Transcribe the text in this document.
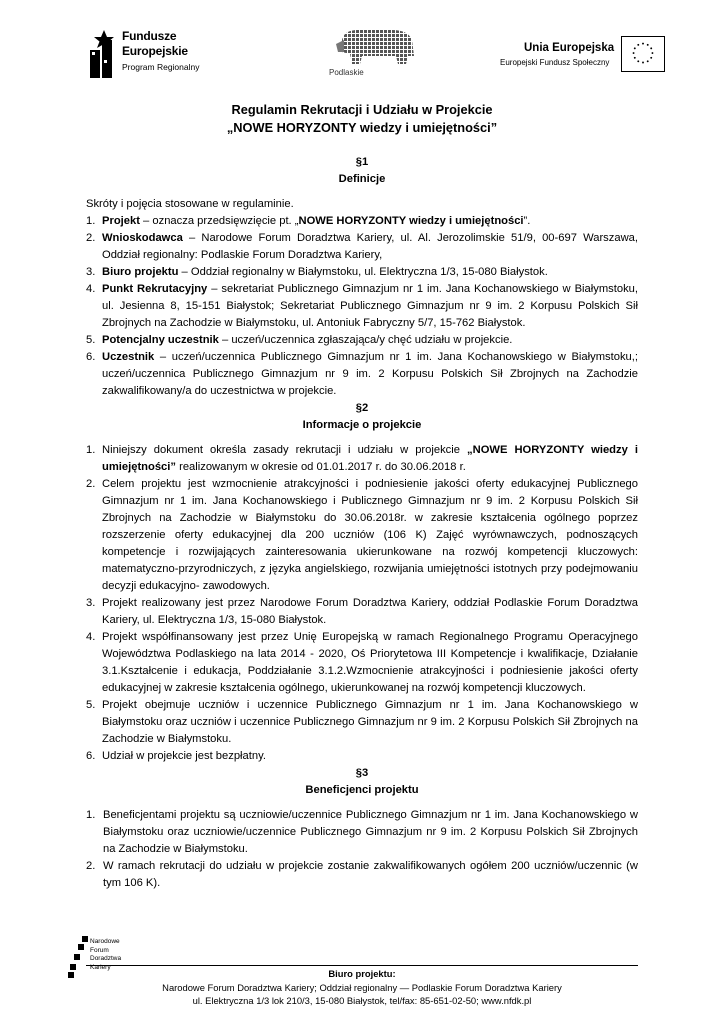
Fundusze
Europejskie
Program Regionalny
Podlaskie
Unia Europejska
Europejski Fundusz Społeczny

Regulamin Rekrutacji i Udziału w Projekcie

„NOWE HORYZONTY wiedzy i umiejętności”

§1

Definicje

Skróty i pojęcia stosowane w regulaminie.

1. Projekt – oznacza przedsięwzięcie pt. „NOWE HORYZONTY wiedzy i umiejętności”.
2. Wnioskodawca – Narodowe Forum Doradztwa Kariery, ul. Al. Jerozolimskie 51/9, 00-697 Warszawa, Oddział regionalny: Podlaskie Forum Doradztwa Kariery,
3. Biuro projektu – Oddział regionalny w Białymstoku, ul. Elektryczna 1/3, 15-080 Białystok.
4. Punkt Rekrutacyjny – sekretariat Publicznego Gimnazjum nr 1 im. Jana Kochanowskiego w Białymstoku, ul. Jesienna 8, 15-151 Białystok; Sekretariat Publicznego Gimnazjum nr 9 im. 2 Korpusu Polskich Sił Zbrojnych na Zachodzie w Białymstoku, ul. Antoniuk Fabryczny 5/7, 15-762 Białystok.
5. Potencjalny uczestnik – uczeń/uczennica zgłaszająca/y chęć udziału w projekcie.
6. Uczestnik – uczeń/uczennica Publicznego Gimnazjum nr 1 im. Jana Kochanowskiego w Białymstoku,; uczeń/uczennica Publicznego Gimnazjum nr 9 im. 2 Korpusu Polskich Sił Zbrojnych na Zachodzie zakwalifikowany/a do uczestnictwa w projekcie.

§2

Informacje o projekcie

1. Niniejszy dokument określa zasady rekrutacji i udziału w projekcie „NOWE HORYZONTY wiedzy i umiejętności” realizowanym w okresie od 01.01.2017 r. do 30.06.2018 r.
2. Celem projektu jest wzmocnienie atrakcyjności i podniesienie jakości oferty edukacyjnej Publicznego Gimnazjum nr 1 im. Jana Kochanowskiego i Publicznego Gimnazjum nr 9 im. 2 Korpusu Polskich Sił Zbrojnych na Zachodzie w Białymstoku do 30.06.2018r. w zakresie kształcenia ogólnego poprzez rozszerzenie oferty edukacyjnej dla 200 uczniów (106 K) Zajęć wyrównawczych, podnoszących kompetencje i rozwijających zainteresowania ukierunkowane na rozwój kompetencji kluczowych: matematyczno-przyrodniczych, z języka angielskiego, rozwijania umiejętności istotnych przy podejmowaniu decyzji edukacyjno- zawodowych.
3. Projekt realizowany jest przez Narodowe Forum Doradztwa Kariery, oddział Podlaskie Forum Doradztwa Kariery, ul. Elektryczna 1/3, 15-080 Białystok.
4. Projekt współfinansowany jest przez Unię Europejską w ramach Regionalnego Programu Operacyjnego Województwa Podlaskiego na lata 2014 - 2020, Oś Priorytetowa III Kompetencje i kwalifikacje, Działanie 3.1.Kształcenie i edukacja, Poddziałanie 3.1.2.Wzmocnienie atrakcyjności i podniesienie jakości oferty edukacyjnej w zakresie kształcenia ogólnego, ukierunkowanej na rozwój kompetencji kluczowych.
5. Projekt obejmuje uczniów i uczennice Publicznego Gimnazjum nr 1 im. Jana Kochanowskiego w Białymstoku oraz uczniów i uczennice Publicznego Gimnazjum nr 9 im. 2 Korpusu Polskich Sił Zbrojnych na Zachodzie w Białymstoku.
6. Udział w projekcie jest bezpłatny.

§3

Beneficjenci projektu

1. Beneficjentami projektu są uczniowie/uczennice Publicznego Gimnazjum nr 1 im. Jana Kochanowskiego w Białymstoku oraz uczniowie/uczennice Publicznego Gimnazjum nr 9 im. 2 Korpusu Polskich Sił Zbrojnych na Zachodzie w Białymstoku.
2. W ramach rekrutacji do udziału w projekcie zostanie zakwalifikowanych ogółem 200 uczniów/uczennic (w tym 106 K).
Narodowe
Forum
Doradztwa
Kariery
Biuro projektu:
Narodowe Forum Doradztwa Kariery; Oddział regionalny — Podlaskie Forum Doradztwa Kariery
ul. Elektryczna 1/3 lok 210/3, 15-080 Białystok, tel/fax: 85-651-02-50; www.nfdk.pl
